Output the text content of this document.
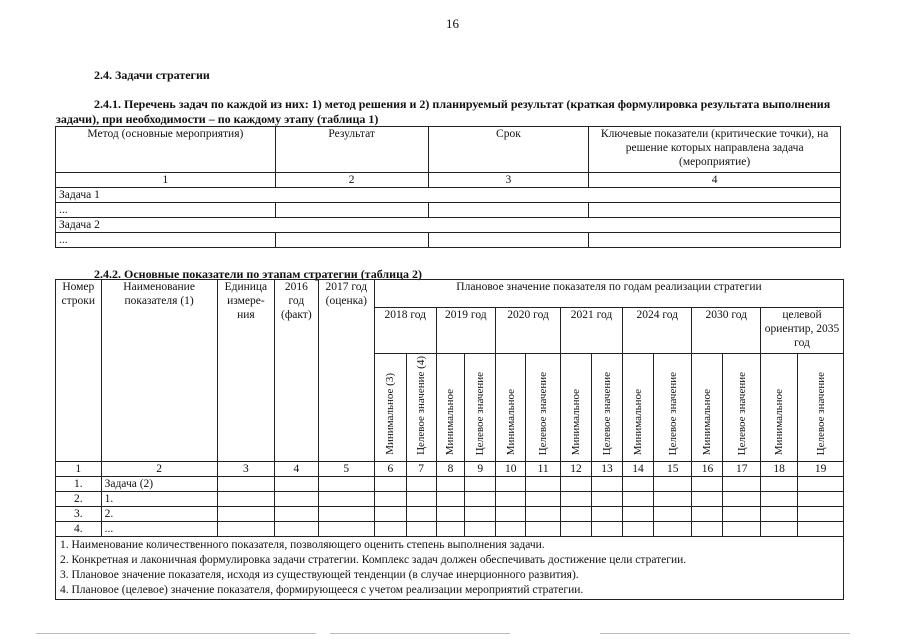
16
2.4. Задачи стратегии
2.4.1. Перечень задач по каждой из них: 1) метод решения и 2) планируемый результат (краткая формулировка результата выполнения задачи), при необходимости – по каждому этапу (таблица 1)
Метод (основные мероприятия)	Результат	Срок	Ключевые показатели (критические точки), на решение которых направлена задача (мероприятие)
1	2	3	4
Задача 1			
...			
Задача 2			
...			
2.4.2. Основные показатели по этапам стратегии (таблица 2)
Номер строки	Наименование показателя (1)	Единица измере-ния	2016 год (факт)	2017 год (оценка)	Плановое значение показателя по годам реализации стратегии													
					2018 год		2019 год		2020 год		2021 год		2024 год		2030 год		целевой ориентир, 2035 год	
					Минимальное (3)	Целевое значение (4)	Минимальное	Целевое значение	Минимальное	Целевое значение	Минимальное	Целевое значение	Минимальное	Целевое значение	Минимальное	Целевое значение	Минимальное	Целевое значение
1	2	3	4	5	6	7	8	9	10	11	12	13	14	15	16	17	18	19
1.	Задача (2)																	
2.	1.																	
3.	2.																	
4.	...																	

1. Наименование количественного показателя, позволяющего оценить степень выполнения задачи.
2. Конкретная и лаконичная формулировка задачи стратегии. Комплекс задач должен обеспечивать достижение цели стратегии.
3. Плановое значение показателя, исходя из существующей тенденции (в случае инерционного развития).
4. Плановое (целевое) значение показателя, формирующееся с учетом реализации мероприятий стратегии.																		
